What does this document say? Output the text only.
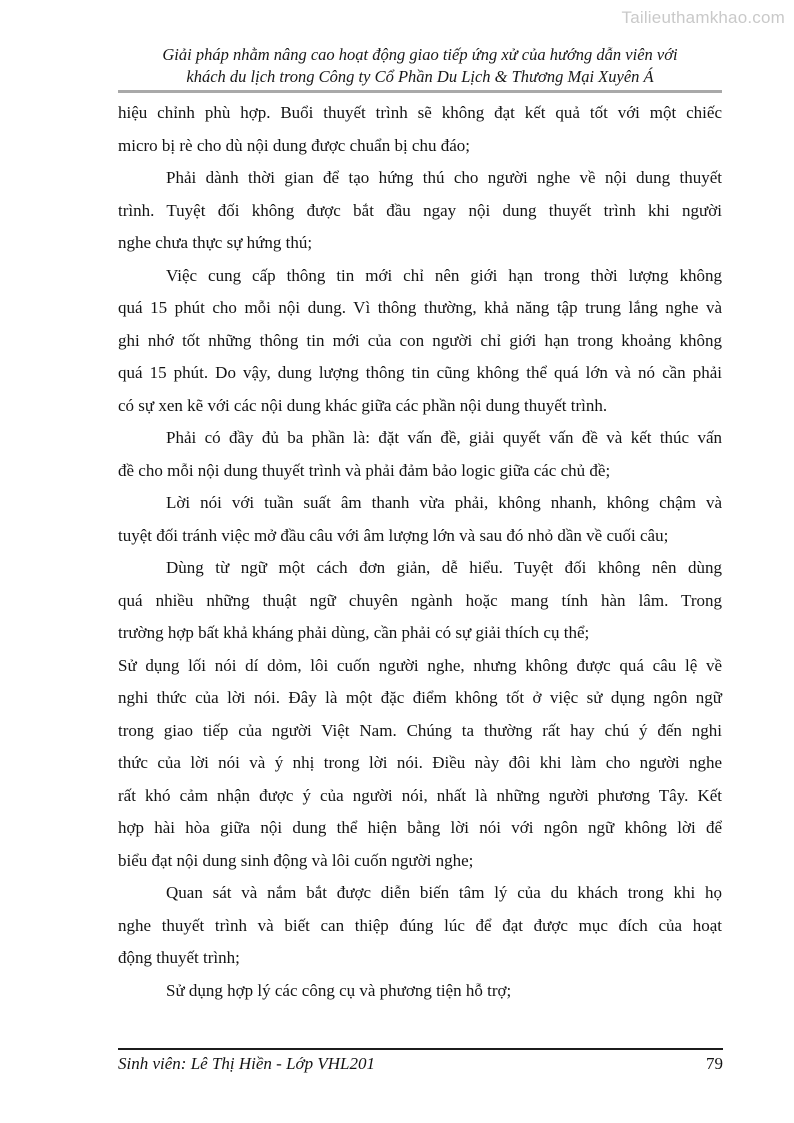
Tailieuthamkhao.com
Giải pháp nhằm nâng cao hoạt động giao tiếp ứng xử của hướng dẫn viên với
khách du lịch trong Công ty Cổ Phần Du Lịch & Thương Mại Xuyên Á
hiệu chỉnh phù hợp. Buổi thuyết trình sẽ không đạt kết quả tốt với một chiếc
micro bị rè cho dù nội dung được chuẩn bị chu đáo;
Phải dành thời gian để tạo hứng thú cho người nghe về nội dung thuyết
trình. Tuyệt đối không được bắt đầu ngay nội dung thuyết trình khi người
nghe chưa thực sự hứng thú;
Việc cung cấp thông tin mới chỉ nên giới hạn trong thời lượng không
quá 15 phút cho mỗi nội dung. Vì thông thường, khả năng tập trung lắng nghe và
ghi nhớ tốt những thông tin mới của con người chỉ giới hạn trong khoảng không
quá 15 phút. Do vậy, dung lượng thông tin cũng không thể quá lớn và nó cần phải
có sự xen kẽ với các nội dung khác giữa các phần nội dung thuyết trình.
Phải có đầy đủ ba phần là: đặt vấn đề, giải quyết vấn đề và kết thúc vấn
đề cho mỗi nội dung thuyết trình và phải đảm bảo logic giữa các chủ đề;
Lời nói với tuần suất âm thanh vừa phải, không nhanh, không chậm và
tuyệt đối tránh việc mở đầu câu với âm lượng lớn và sau đó nhỏ dần về cuối câu;
Dùng từ ngữ một cách đơn giản, dễ hiểu. Tuyệt đối không nên dùng
quá nhiều những thuật ngữ chuyên ngành hoặc mang tính hàn lâm. Trong
trường hợp bất khả kháng phải dùng, cần phải có sự giải thích cụ thể;
Sử dụng lối nói dí dỏm, lôi cuốn người nghe, nhưng không được quá câu lệ về
nghi thức của lời nói. Đây là một đặc điểm không tốt ở việc sử dụng ngôn ngữ
trong giao tiếp của người Việt Nam. Chúng ta thường rất hay chú ý đến nghi
thức của lời nói và ý nhị trong lời nói. Điều này đôi khi làm cho người nghe
rất khó cảm nhận được ý của người nói, nhất là những người phương Tây. Kết
hợp hài hòa giữa nội dung thể hiện bằng lời nói với ngôn ngữ không lời để
biểu đạt nội dung sinh động và lôi cuốn người nghe;
Quan sát và nắm bắt được diễn biến tâm lý của du khách trong khi họ
nghe thuyết trình và biết can thiệp đúng lúc để đạt được mục đích của hoạt
động thuyết trình;
Sử dụng hợp lý các công cụ và phương tiện hỗ trợ;
Sinh viên: Lê Thị Hiền - Lớp VHL201	79
